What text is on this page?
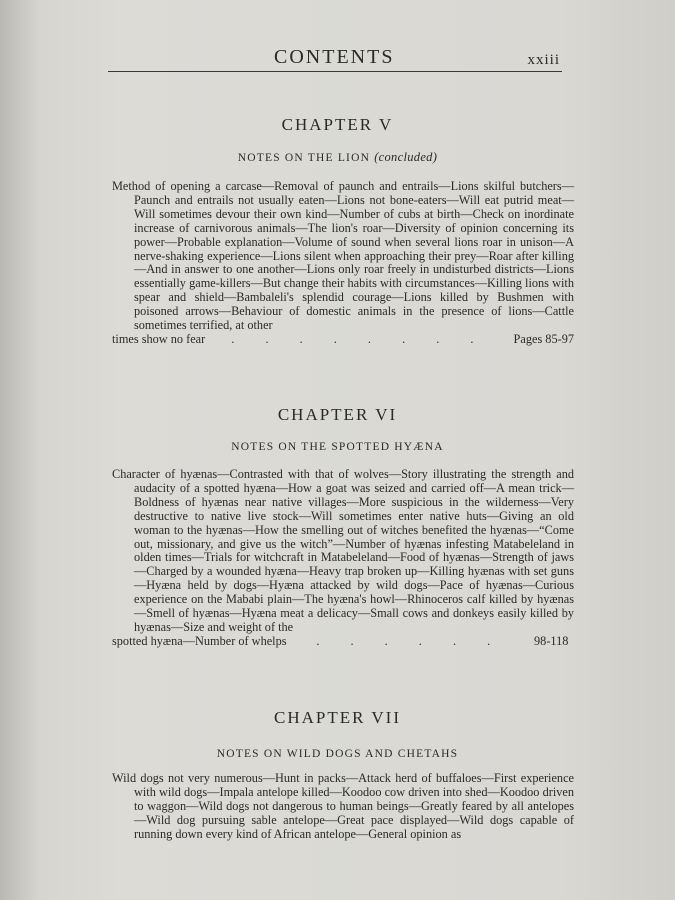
CONTENTS	xxiii
CHAPTER V
NOTES ON THE LION (concluded)
Method of opening a carcase—Removal of paunch and entrails—Lions skilful butchers—Paunch and entrails not usually eaten—Lions not bone-eaters—Will eat putrid meat—Will sometimes devour their own kind—Number of cubs at birth—Check on inordinate increase of carnivorous animals—The lion's roar—Diversity of opinion concerning its power—Probable explanation—Volume of sound when several lions roar in unison—A nerve-shaking experience—Lions silent when approaching their prey—Roar after killing—And in answer to one another—Lions only roar freely in undisturbed districts—Lions essentially game-killers—But change their habits with circumstances—Killing lions with spear and shield—Bambaleli's splendid courage—Lions killed by Bushmen with poisoned arrows—Behaviour of domestic animals in the presence of lions—Cattle sometimes terrified, at other
times show no fear . . . . . . . . Pages 85-97
CHAPTER VI
NOTES ON THE SPOTTED HYÆNA
Character of hyænas—Contrasted with that of wolves—Story illustrating the strength and audacity of a spotted hyæna—How a goat was seized and carried off—A mean trick—Boldness of hyænas near native villages—More suspicious in the wilderness—Very destructive to native live stock—Will sometimes enter native huts—Giving an old woman to the hyænas—How the smelling out of witches benefited the hyænas—“Come out, missionary, and give us the witch”—Number of hyænas infesting Matabeleland in olden times—Trials for witchcraft in Matabeleland—Food of hyænas—Strength of jaws—Charged by a wounded hyæna—Heavy trap broken up—Killing hyænas with set guns—Hyæna held by dogs—Hyæna attacked by wild dogs—Pace of hyænas—Curious experience on the Mababi plain—The hyæna's howl—Rhinoceros calf killed by hyænas—Smell of hyænas—Hyæna meat a delicacy—Small cows and donkeys easily killed by hyænas—Size and weight of the
spotted hyæna—Number of whelps . . . . . . 98-118
CHAPTER VII
NOTES ON WILD DOGS AND CHETAHS
Wild dogs not very numerous—Hunt in packs—Attack herd of buffaloes—First experience with wild dogs—Impala antelope killed—Koodoo cow driven into shed—Koodoo driven to waggon—Wild dogs not dangerous to human beings—Greatly feared by all antelopes—Wild dog pursuing sable antelope—Great pace displayed—Wild dogs capable of running down every kind of African antelope—General opinion as
